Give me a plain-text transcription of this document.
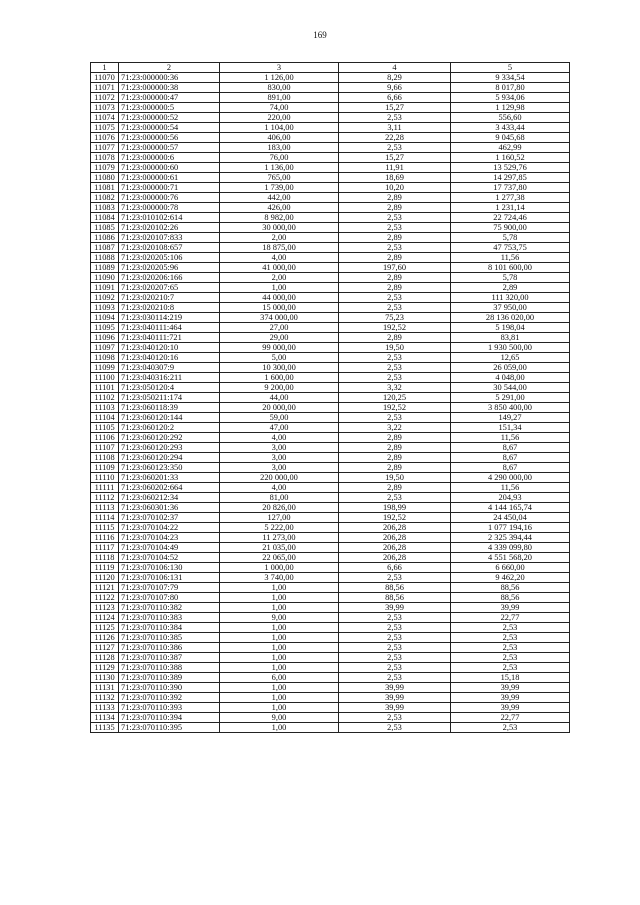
169
1	2	3	4	5
11070	71:23:000000:36	1 126,00	8,29	9 334,54
11071	71:23:000000:38	830,00	9,66	8 017,80
11072	71:23:000000:47	891,00	6,66	5 934,06
11073	71:23:000000:5	74,00	15,27	1 129,98
11074	71:23:000000:52	220,00	2,53	556,60
11075	71:23:000000:54	1 104,00	3,11	3 433,44
11076	71:23:000000:56	406,00	22,28	9 045,68
11077	71:23:000000:57	183,00	2,53	462,99
11078	71:23:000000:6	76,00	15,27	1 160,52
11079	71:23:000000:60	1 136,00	11,91	13 529,76
11080	71:23:000000:61	765,00	18,69	14 297,85
11081	71:23:000000:71	1 739,00	10,20	17 737,80
11082	71:23:000000:76	442,00	2,89	1 277,38
11083	71:23:000000:78	426,00	2,89	1 231,14
11084	71:23:010102:614	8 982,00	2,53	22 724,46
11085	71:23:020102:26	30 000,00	2,53	75 900,00
11086	71:23:020107:833	2,00	2,89	5,78
11087	71:23:020108:657	18 875,00	2,53	47 753,75
11088	71:23:020205:106	4,00	2,89	11,56
11089	71:23:020205:96	41 000,00	197,60	8 101 600,00
11090	71:23:020206:166	2,00	2,89	5,78
11091	71:23:020207:65	1,00	2,89	2,89
11092	71:23:020210:7	44 000,00	2,53	111 320,00
11093	71:23:020210:8	15 000,00	2,53	37 950,00
11094	71:23:030114:219	374 000,00	75,23	28 136 020,00
11095	71:23:040111:464	27,00	192,52	5 198,04
11096	71:23:040111:721	29,00	2,89	83,81
11097	71:23:040120:10	99 000,00	19,50	1 930 500,00
11098	71:23:040120:16	5,00	2,53	12,65
11099	71:23:040307:9	10 300,00	2,53	26 059,00
11100	71:23:040316:211	1 600,00	2,53	4 048,00
11101	71:23:050120:4	9 200,00	3,32	30 544,00
11102	71:23:050211:174	44,00	120,25	5 291,00
11103	71:23:060118:39	20 000,00	192,52	3 850 400,00
11104	71:23:060120:144	59,00	2,53	149,27
11105	71:23:060120:2	47,00	3,22	151,34
11106	71:23:060120:292	4,00	2,89	11,56
11107	71:23:060120:293	3,00	2,89	8,67
11108	71:23:060120:294	3,00	2,89	8,67
11109	71:23:060123:350	3,00	2,89	8,67
11110	71:23:060201:33	220 000,00	19,50	4 290 000,00
11111	71:23:060202:664	4,00	2,89	11,56
11112	71:23:060212:34	81,00	2,53	204,93
11113	71:23:060301:36	20 826,00	198,99	4 144 165,74
11114	71:23:070102:37	127,00	192,52	24 450,04
11115	71:23:070104:22	5 222,00	206,28	1 077 194,16
11116	71:23:070104:23	11 273,00	206,28	2 325 394,44
11117	71:23:070104:49	21 035,00	206,28	4 339 099,80
11118	71:23:070104:52	22 065,00	206,28	4 551 568,20
11119	71:23:070106:130	1 000,00	6,66	6 660,00
11120	71:23:070106:131	3 740,00	2,53	9 462,20
11121	71:23:070107:79	1,00	88,56	88,56
11122	71:23:070107:80	1,00	88,56	88,56
11123	71:23:070110:382	1,00	39,99	39,99
11124	71:23:070110:383	9,00	2,53	22,77
11125	71:23:070110:384	1,00	2,53	2,53
11126	71:23:070110:385	1,00	2,53	2,53
11127	71:23:070110:386	1,00	2,53	2,53
11128	71:23:070110:387	1,00	2,53	2,53
11129	71:23:070110:388	1,00	2,53	2,53
11130	71:23:070110:389	6,00	2,53	15,18
11131	71:23:070110:390	1,00	39,99	39,99
11132	71:23:070110:392	1,00	39,99	39,99
11133	71:23:070110:393	1,00	39,99	39,99
11134	71:23:070110:394	9,00	2,53	22,77
11135	71:23:070110:395	1,00	2,53	2,53
